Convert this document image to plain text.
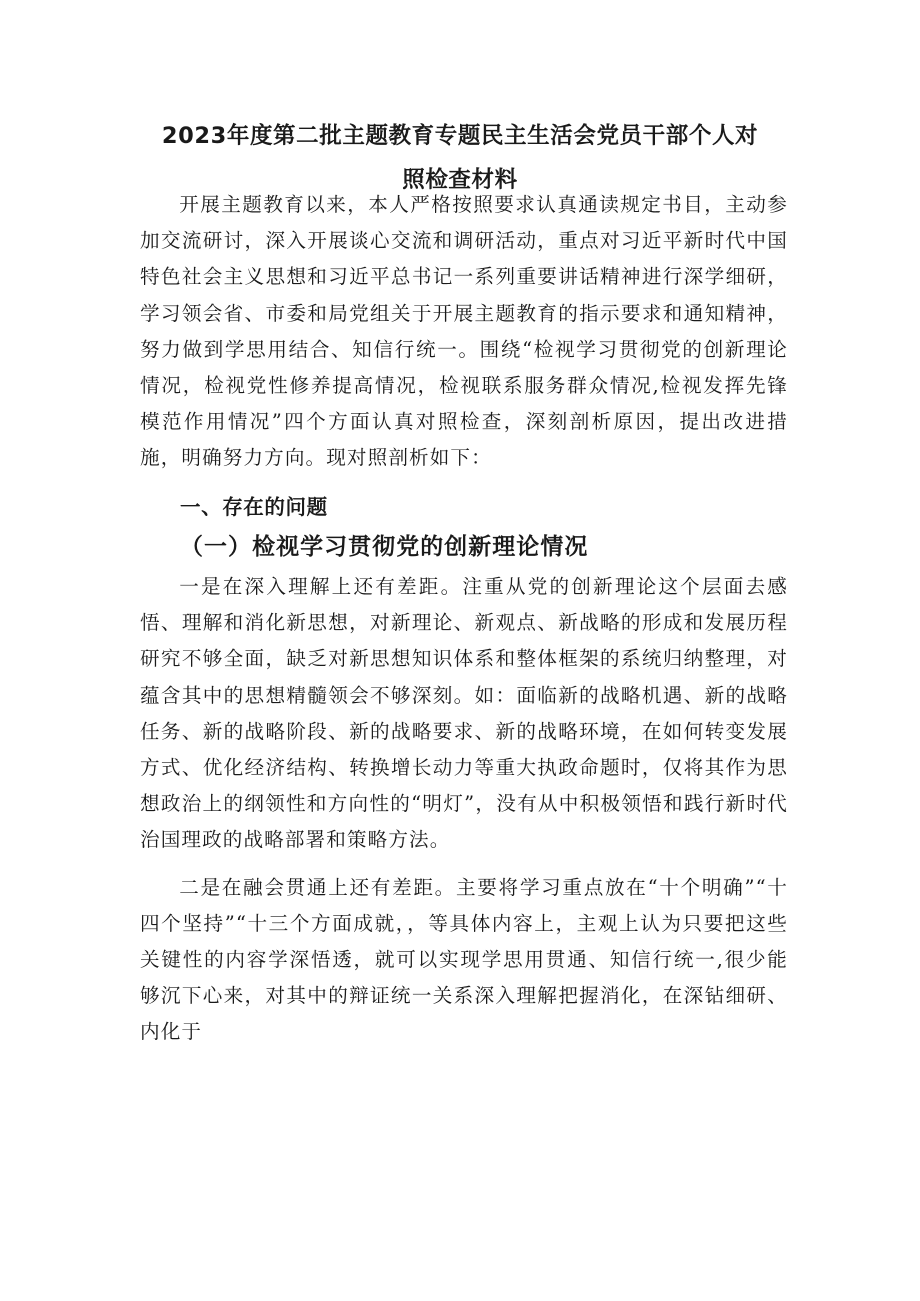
2023年度第二批主题教育专题民主生活会党员干部个人对
照检查材料

开展主题教育以来，本人严格按照要求认真通读规定书目，主动参加交流研讨，深入开展谈心交流和调研活动，重点对习近平新时代中国特色社会主义思想和习近平总书记一系列重要讲话精神进行深学细研，学习领会省、市委和局党组关于开展主题教育的指示要求和通知精神，努力做到学思用结合、知信行统一。围绕“检视学习贯彻党的创新理论情况，检视党性修养提高情况，检视联系服务群众情况,检视发挥先锋模范作用情况”四个方面认真对照检查，深刻剖析原因，提出改进措施，明确努力方向。现对照剖析如下：

一、存在的问题
（一）检视学习贯彻党的创新理论情况

一是在深入理解上还有差距。注重从党的创新理论这个层面去感悟、理解和消化新思想，对新理论、新观点、新战略的形成和发展历程研究不够全面，缺乏对新思想知识体系和整体框架的系统归纳整理，对蕴含其中的思想精髓领会不够深刻。如：面临新的战略机遇、新的战略任务、新的战略阶段、新的战略要求、新的战略环境，在如何转变发展方式、优化经济结构、转换增长动力等重大执政命题时，仅将其作为思想政治上的纲领性和方向性的“明灯”，没有从中积极领悟和践行新时代治国理政的战略部署和策略方法。

二是在融会贯通上还有差距。主要将学习重点放在“十个明确”“十四个坚持”“十三个方面成就，，等具体内容上，主观上认为只要把这些关键性的内容学深悟透，就可以实现学思用贯通、知信行统一,很少能够沉下心来，对其中的辩证统一关系深入理解把握消化，在深钻细研、内化于
